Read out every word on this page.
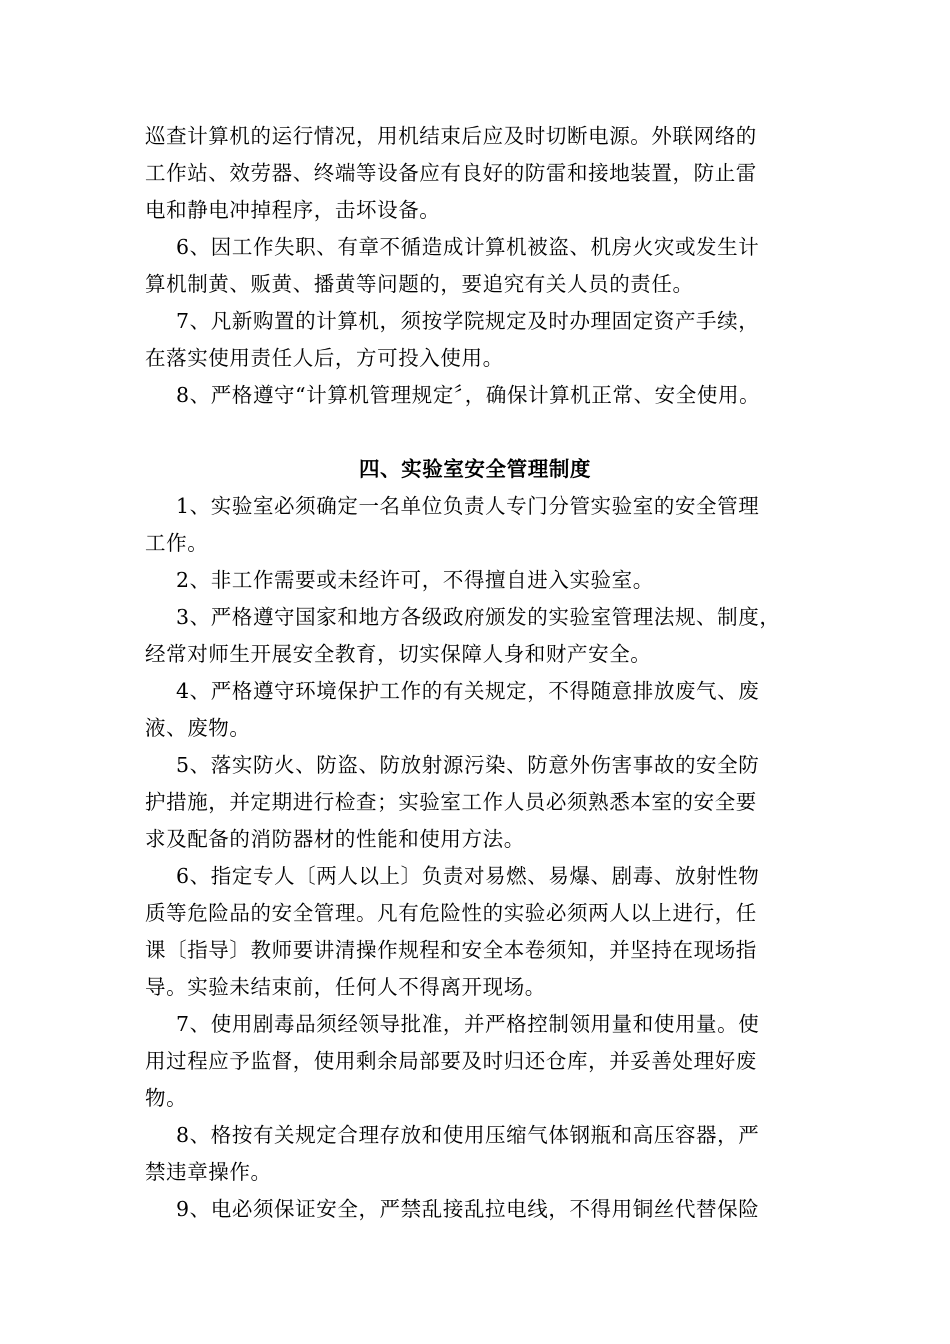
巡查计算机的运行情况，用机结束后应及时切断电源。外联网络的
工作站、效劳器、终端等设备应有良好的防雷和接地装置，防止雷
电和静电冲掉程序，击坏设备。
6、因工作失职、有章不循造成计算机被盗、机房火灾或发生计
算机制黄、贩黄、播黄等问题的，要追究有关人员的责任。
7、凡新购置的计算机，须按学院规定及时办理固定资产手续，
在落实使用责任人后，方可投入使用。
8、严格遵守“计算机管理规定〞，确保计算机正常、安全使用。
四、实验室安全管理制度
1、实验室必须确定一名单位负责人专门分管实验室的安全管理
工作。
2、非工作需要或未经许可，不得擅自进入实验室。
3、严格遵守国家和地方各级政府颁发的实验室管理法规、制度，
经常对师生开展安全教育，切实保障人身和财产安全。
4、严格遵守环境保护工作的有关规定，不得随意排放废气、废
液、废物。
5、落实防火、防盗、防放射源污染、防意外伤害事故的安全防
护措施，并定期进行检查；实验室工作人员必须熟悉本室的安全要
求及配备的消防器材的性能和使用方法。
6、指定专人〔两人以上〕负责对易燃、易爆、剧毒、放射性物
质等危险品的安全管理。凡有危险性的实验必须两人以上进行，任
课〔指导〕教师要讲清操作规程和安全本卷须知，并坚持在现场指
导。实验未结束前，任何人不得离开现场。
7、使用剧毒品须经领导批准，并严格控制领用量和使用量。使
用过程应予监督，使用剩余局部要及时归还仓库，并妥善处理好废
物。
8、格按有关规定合理存放和使用压缩气体钢瓶和高压容器，严
禁违章操作。
9、电必须保证安全，严禁乱接乱拉电线，不得用铜丝代替保险
